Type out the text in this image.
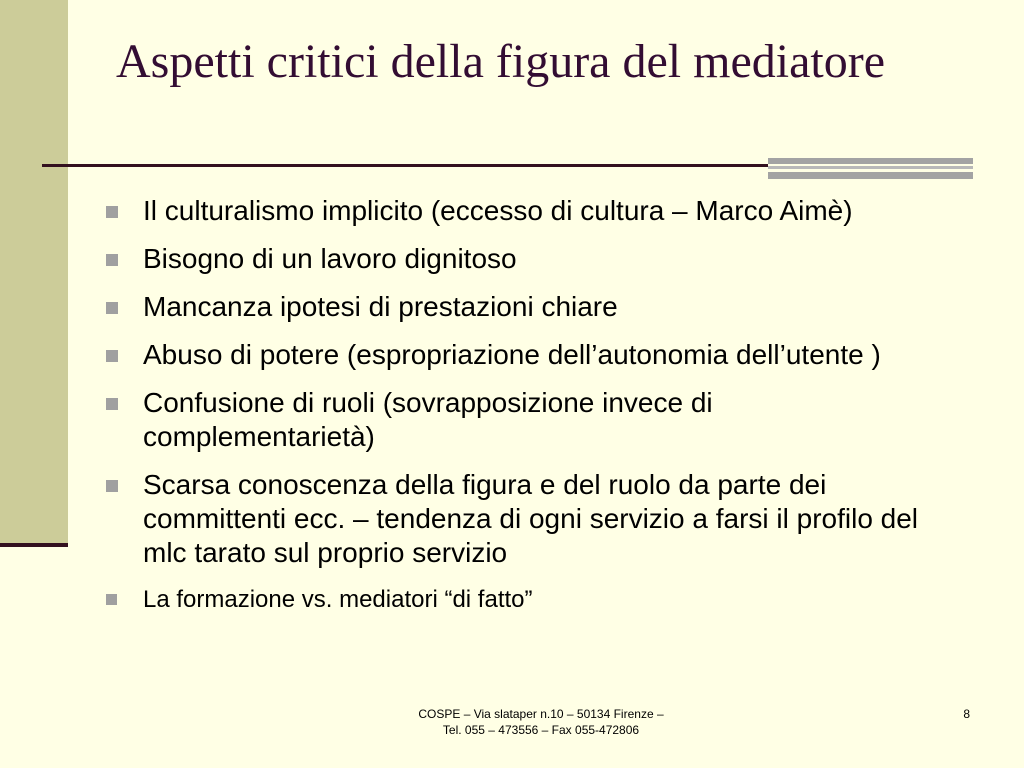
Aspetti critici della figura del mediatore
Il culturalismo implicito (eccesso di cultura – Marco Aimè)
Bisogno di un lavoro dignitoso
Mancanza ipotesi di prestazioni chiare
Abuso di potere (espropriazione dell’autonomia dell’utente )
Confusione di ruoli (sovrapposizione invece di complementarietà)
Scarsa conoscenza della figura e del ruolo da parte dei committenti ecc. – tendenza di ogni servizio a farsi il profilo del mlc tarato sul proprio servizio
La formazione vs. mediatori “di fatto”
COSPE – Via slataper n.10 – 50134 Firenze –
Tel. 055 – 473556 – Fax 055-472806
8
